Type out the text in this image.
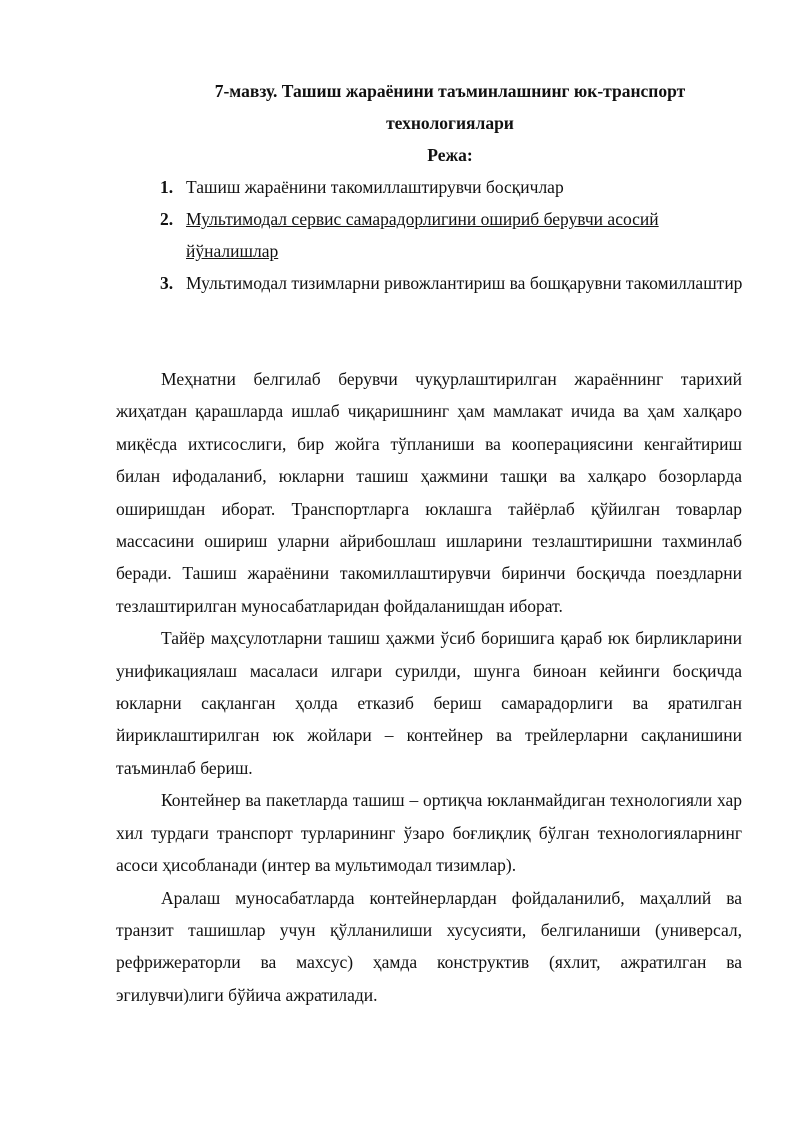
7-мавзу. Ташиш жараёнини таъминлашнинг юк-транспорт
технологиялари
Режа:
1. Ташиш жараёнини такомиллаштирувчи босқичлар
2. Мультимодал сервис самарадорлигини ошириб берувчи асосий йўналишлар
3. Мультимодал тизимларни ривожлантириш ва бошқарувни такомиллаштир

Меҳнатни белгилаб берувчи чуқурлаштирилган жараённинг тарихий жиҳатдан қарашларда ишлаб чиқаришнинг ҳам мамлакат ичида ва ҳам халқаро миқёсда ихтисослиги, бир жойга тўпланиши ва кооперациясини кенгайтириш билан ифодаланиб, юкларни ташиш ҳажмини ташқи ва халқаро бозорларда оширишдан иборат. Транспортларга юклашга тайёрлаб қўйилган товарлар массасини ошириш уларни айрибошлаш ишларини тезлаштиришни тахминлаб беради. Ташиш жараёнини такомиллаштирувчи биринчи босқичда поездларни тезлаштирилган муносабатларидан фойдаланишдан иборат.

Тайёр маҳсулотларни ташиш ҳажми ўсиб боришига қараб юк бирликларини унификациялаш масаласи илгари сурилди, шунга биноан кейинги босқичда юкларни сақланган ҳолда етказиб бериш самарадорлиги ва яратилган йириклаштирилган юк жойлари – контейнер ва трейлерларни сақланишини таъминлаб бериш.

Контейнер ва пакетларда ташиш – ортиқча юкланмайдиган технологияли хар хил турдаги транспорт турларининг ўзаро боғлиқлиқ бўлган технологияларнинг асоси ҳисобланади (интер ва мультимодал тизимлар).

Аралаш муносабатларда контейнерлардан фойдаланилиб, маҳаллий ва транзит ташишлар учун қўлланилиши хусусияти, белгиланиши (универсал, рефрижераторли ва махсус) ҳамда конструктив (яхлит, ажратилган ва эгилувчи)лиги бўйича ажратилади.
